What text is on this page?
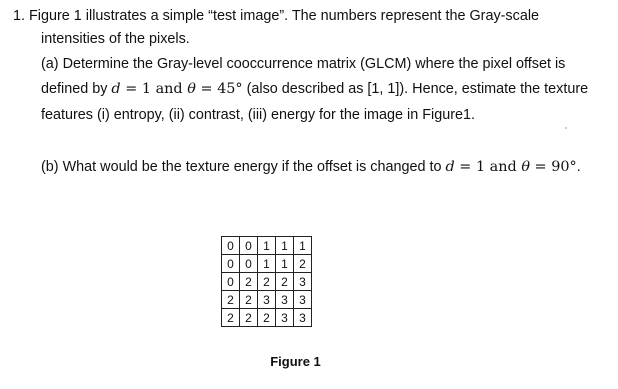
1. Figure 1 illustrates a simple “test image”. The numbers represent the Gray-scale
intensities of the pixels.
(a) Determine the Gray-level cooccurrence matrix (GLCM) where the pixel offset is
defined by d = 1 and θ = 45° (also described as [1, 1]). Hence, estimate the texture
features (i) entropy, (ii) contrast, (iii) energy for the image in Figure1.
(b) What would be the texture energy if the offset is changed to d = 1 and θ = 90°.
0	0	1	1	1
0	0	1	1	2
0	2	2	2	3
2	2	3	3	3
2	2	2	3	3
Figure 1
